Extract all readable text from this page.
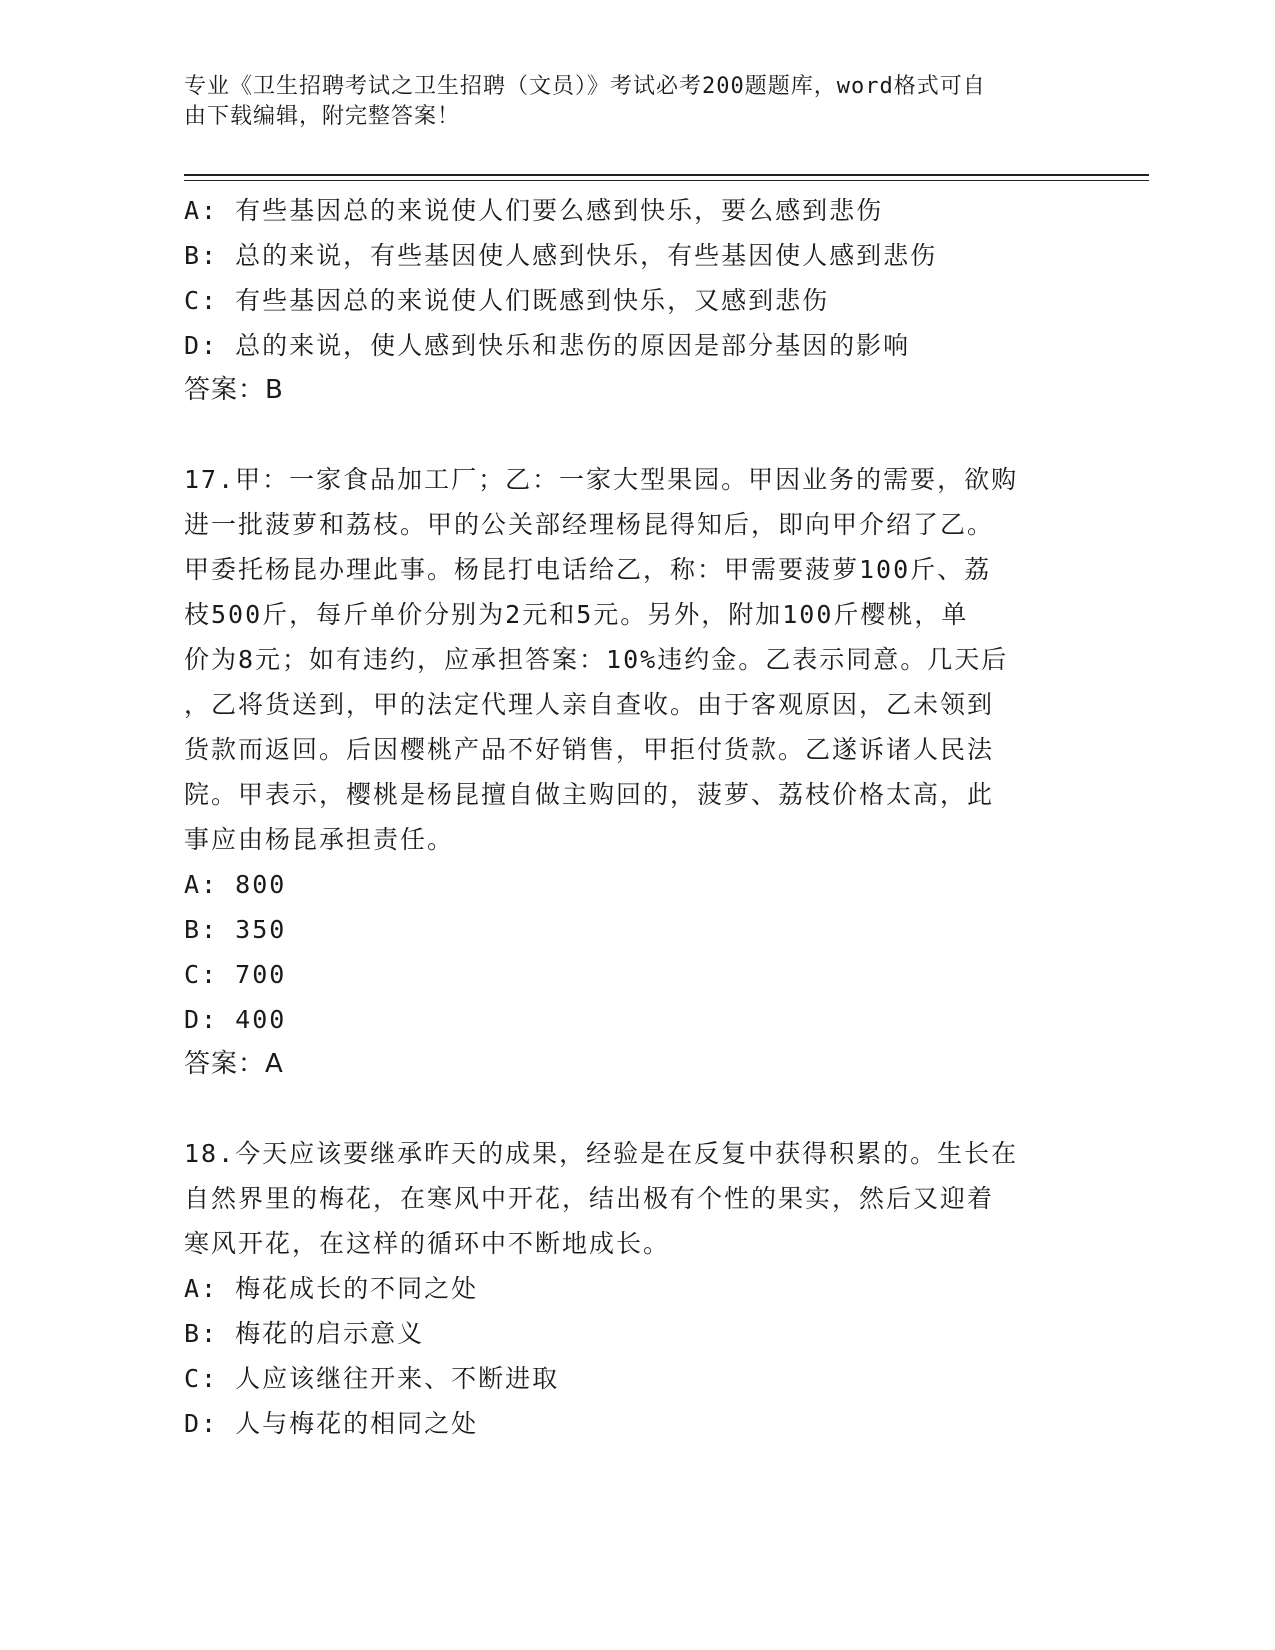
专业《卫生招聘考试之卫生招聘（文员）》考试必考200题题库，word格式可自
由下载编辑，附完整答案！
A: 有些基因总的来说使人们要么感到快乐，要么感到悲伤
B: 总的来说，有些基因使人感到快乐，有些基因使人感到悲伤
C: 有些基因总的来说使人们既感到快乐，又感到悲伤
D: 总的来说，使人感到快乐和悲伤的原因是部分基因的影响
答案：B
17.甲：一家食品加工厂；乙：一家大型果园。甲因业务的需要，欲购
进一批菠萝和荔枝。甲的公关部经理杨昆得知后，即向甲介绍了乙。
甲委托杨昆办理此事。杨昆打电话给乙，称：甲需要菠萝100斤、荔
枝500斤，每斤单价分别为2元和5元。另外，附加100斤樱桃，单
价为8元；如有违约，应承担答案：10%违约金。乙表示同意。几天后
，乙将货送到，甲的法定代理人亲自查收。由于客观原因，乙未领到
货款而返回。后因樱桃产品不好销售，甲拒付货款。乙遂诉诸人民法
院。甲表示，樱桃是杨昆擅自做主购回的，菠萝、荔枝价格太高，此
事应由杨昆承担责任。
A: 800
B: 350
C: 700
D: 400
答案：A
18.今天应该要继承昨天的成果，经验是在反复中获得积累的。生长在
自然界里的梅花，在寒风中开花，结出极有个性的果实，然后又迎着
寒风开花，在这样的循环中不断地成长。
A: 梅花成长的不同之处
B: 梅花的启示意义
C: 人应该继往开来、不断进取
D: 人与梅花的相同之处
